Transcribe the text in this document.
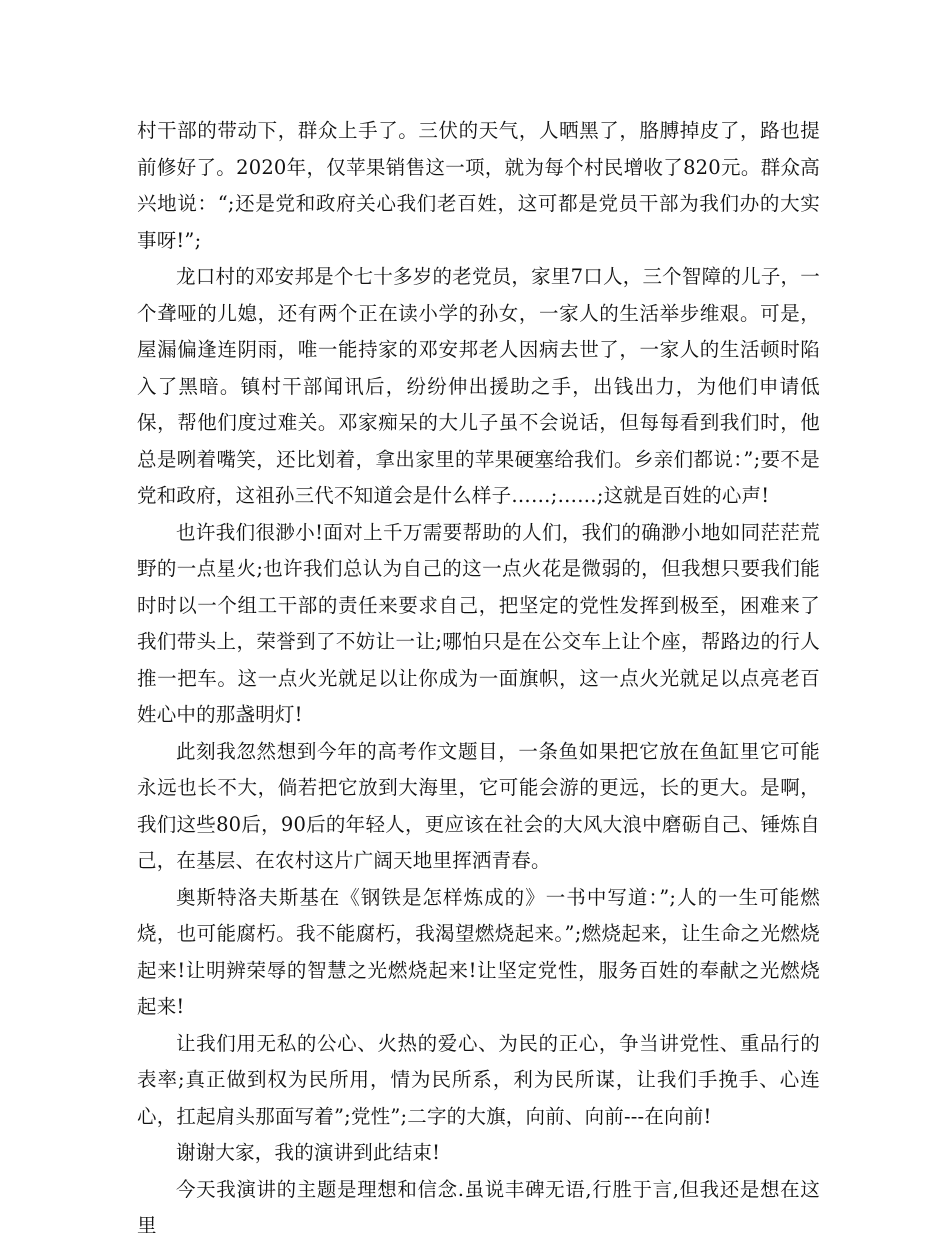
村干部的带动下，群众上手了。三伏的天气，人晒黑了，胳膊掉皮了，路也提前修好了。2020年，仅苹果销售这一项，就为每个村民增收了820元。群众高兴地说：“;还是党和政府关心我们老百姓，这可都是党员干部为我们办的大实事呀!”;

龙口村的邓安邦是个七十多岁的老党员，家里7口人，三个智障的儿子，一个聋哑的儿媳，还有两个正在读小学的孙女，一家人的生活举步维艰。可是，屋漏偏逢连阴雨，唯一能持家的邓安邦老人因病去世了，一家人的生活顿时陷入了黑暗。镇村干部闻讯后，纷纷伸出援助之手，出钱出力，为他们申请低保，帮他们度过难关。邓家痴呆的大儿子虽不会说话，但每每看到我们时，他总是咧着嘴笑，还比划着，拿出家里的苹果硬塞给我们。乡亲们都说：”;要不是党和政府，这祖孙三代不知道会是什么样子……;……;这就是百姓的心声!

也许我们很渺小!面对上千万需要帮助的人们，我们的确渺小地如同茫茫荒野的一点星火;也许我们总认为自己的这一点火花是微弱的，但我想只要我们能时时以一个组工干部的责任来要求自己，把坚定的党性发挥到极至，困难来了我们带头上，荣誉到了不妨让一让;哪怕只是在公交车上让个座，帮路边的行人推一把车。这一点火光就足以让你成为一面旗帜，这一点火光就足以点亮老百姓心中的那盏明灯!

此刻我忽然想到今年的高考作文题目，一条鱼如果把它放在鱼缸里它可能永远也长不大，倘若把它放到大海里，它可能会游的更远，长的更大。是啊，我们这些80后，90后的年轻人，更应该在社会的大风大浪中磨砺自己、锤炼自己，在基层、在农村这片广阔天地里挥洒青春。

奥斯特洛夫斯基在《钢铁是怎样炼成的》一书中写道：”;人的一生可能燃烧，也可能腐朽。我不能腐朽，我渴望燃烧起来。”;燃烧起来，让生命之光燃烧起来!让明辨荣辱的智慧之光燃烧起来!让坚定党性，服务百姓的奉献之光燃烧起来!

让我们用无私的公心、火热的爱心、为民的正心，争当讲党性、重品行的表率;真正做到权为民所用，情为民所系，利为民所谋，让我们手挽手、心连心，扛起肩头那面写着”;党性”;二字的大旗，向前、向前---在向前!

谢谢大家，我的演讲到此结束!

今天我演讲的主题是理想和信念.虽说丰碑无语,行胜于言,但我还是想在这里
